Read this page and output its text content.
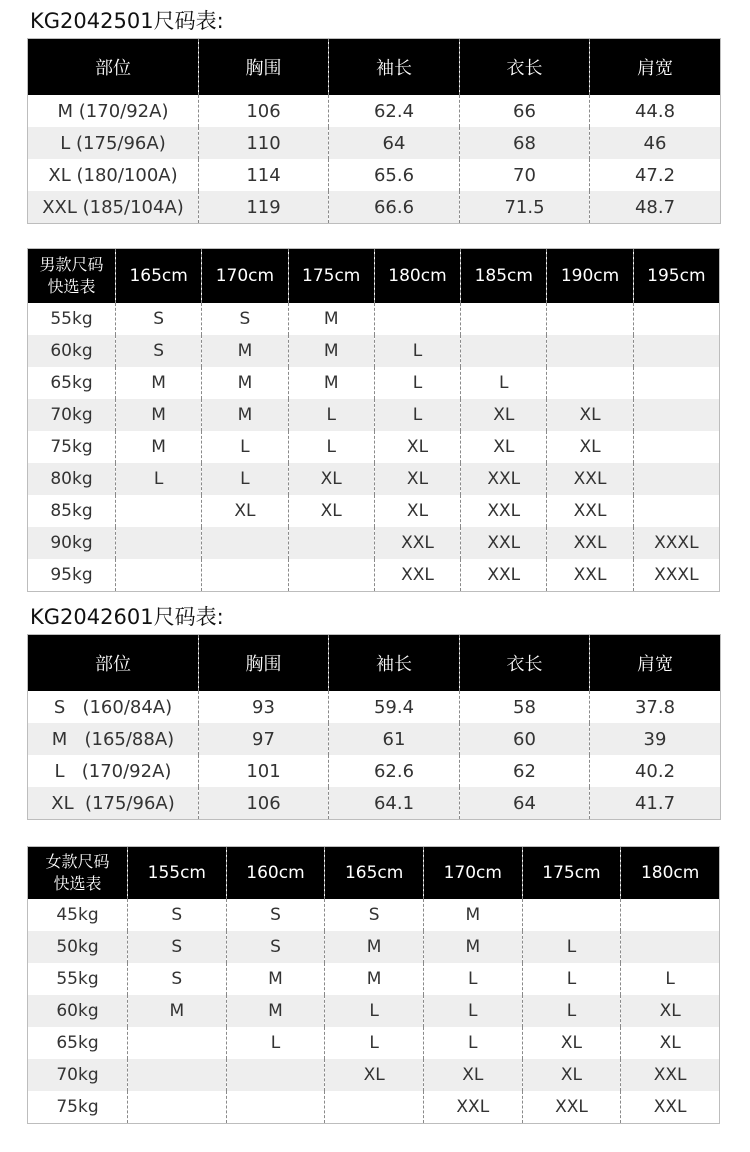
KG2042501尺码表:
部位	胸围	袖长	衣长	肩宽
M (170/92A)	106	62.4	66	44.8
L (175/96A)	110	64	68	46
XL (180/100A)	114	65.6	70	47.2
XXL (185/104A)	119	66.6	71.5	48.7
男款尺码
快选表	165cm	170cm	175cm	180cm	185cm	190cm	195cm
55kg	S	S	M				
60kg	S	M	M	L			
65kg	M	M	M	L	L		
70kg	M	M	L	L	XL	XL	
75kg	M	L	L	XL	XL	XL	
80kg	L	L	XL	XL	XXL	XXL	
85kg		XL	XL	XL	XXL	XXL	
90kg				XXL	XXL	XXL	XXXL
95kg				XXL	XXL	XXL	XXXL
KG2042601尺码表:
部位	胸围	袖长	衣长	肩宽
S   (160/84A)	93	59.4	58	37.8
M   (165/88A)	97	61	60	39
L   (170/92A)	101	62.6	62	40.2
XL  (175/96A)	106	64.1	64	41.7
女款尺码
快选表	155cm	160cm	165cm	170cm	175cm	180cm
45kg	S	S	S	M		
50kg	S	S	M	M	L	
55kg	S	M	M	L	L	L
60kg	M	M	L	L	L	XL
65kg		L	L	L	XL	XL
70kg			XL	XL	XL	XXL
75kg				XXL	XXL	XXL
